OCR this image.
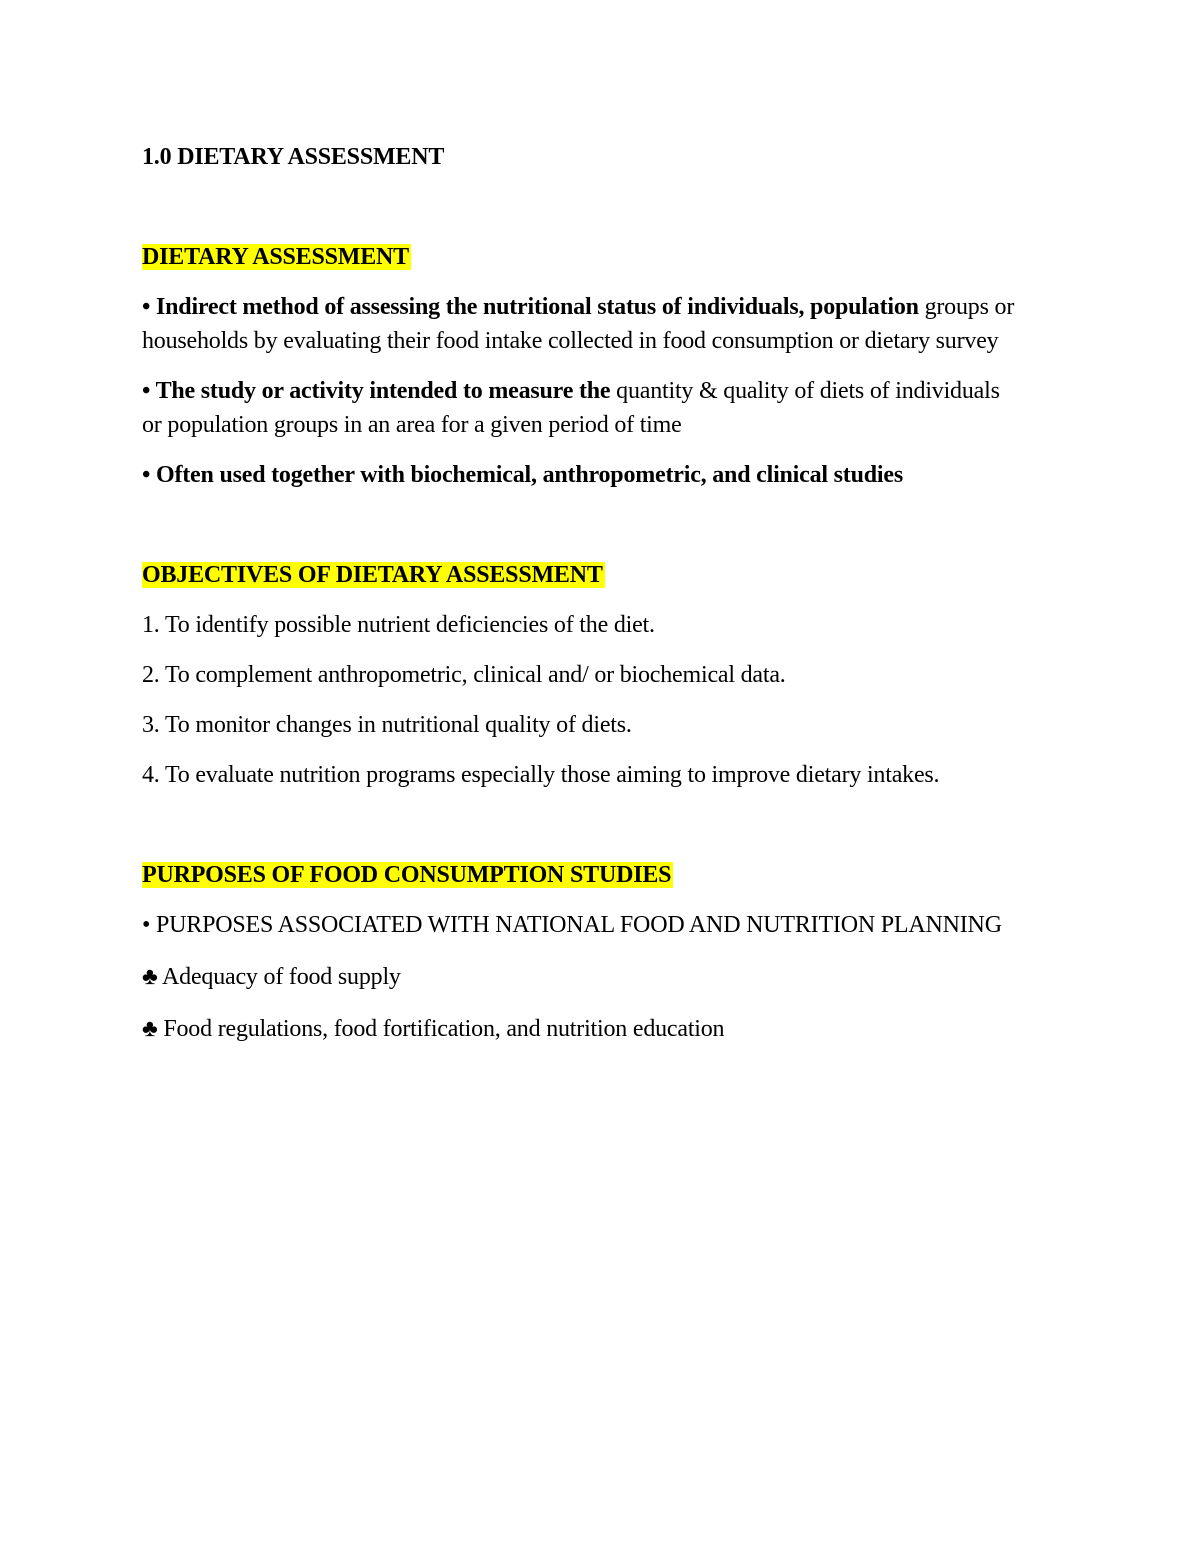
1.0 DIETARY ASSESSMENT

DIETARY ASSESSMENT

• Indirect method of assessing the nutritional status of individuals, population groups or households by evaluating their food intake collected in food consumption or dietary survey

• The study or activity intended to measure the quantity & quality of diets of individuals or population groups in an area for a given period of time

• Often used together with biochemical, anthropometric, and clinical studies

OBJECTIVES OF DIETARY ASSESSMENT

1. To identify possible nutrient deficiencies of the diet.

2. To complement anthropometric, clinical and/ or biochemical data.

3. To monitor changes in nutritional quality of diets.

4. To evaluate nutrition programs especially those aiming to improve dietary intakes.

PURPOSES OF FOOD CONSUMPTION STUDIES

• PURPOSES ASSOCIATED WITH NATIONAL FOOD AND NUTRITION PLANNING

♣ Adequacy of food supply

♣ Food regulations, food fortification, and nutrition education
